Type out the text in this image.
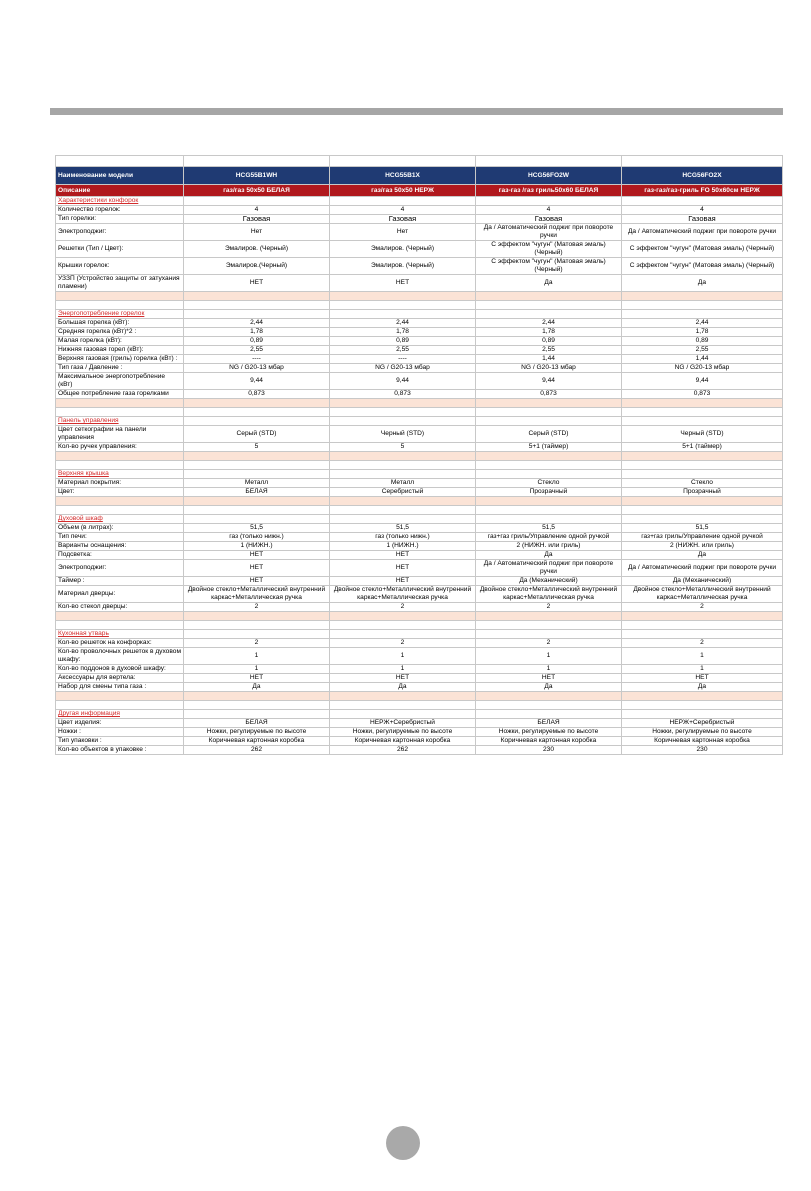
Наименование модели	HCG55B1WH	HCG55B1X	HCG56FO2W	HCG56FO2X
Описание	газ/газ 50х50 БЕЛАЯ	газ/газ 50х50 НЕРЖ	газ-газ /газ гриль50х60 БЕЛАЯ	газ-газ/газ-гриль FO 50х60см НЕРЖ
Характеристики конфорок				
Количество горелок:	4	4	4	4
Тип горелки:	Газовая	Газовая	Газовая	Газовая
Электроподжиг:	Нет	Нет	Да / Автоматический поджиг при повороте ручки	Да / Автоматический поджиг при повороте ручки
Решетки (Тип / Цвет):	Эмалиров. (Черный)	Эмалиров. (Черный)	С эффектом "чугун" (Матовая эмаль) (Черный)	С эффектом "чугун" (Матовая эмаль) (Черный)
Крышки горелок:	Эмалиров.(Черный)	Эмалиров. (Черный)	С эффектом "чугун" (Матовая эмаль) (Черный)	С эффектом "чугун" (Матовая эмаль) (Черный)
УЗЗП (Устройство защиты от затухания пламени)	НЕТ	НЕТ	Да	Да

Энергопотребление горелок				
Большая горелка (кВт):	2,44	2,44	2,44	2,44
Средняя горелка (кВт)*2 :	1,78	1,78	1,78	1,78
Малая горелка (кВт):	0,89	0,89	0,89	0,89
Нижняя газовая горел (кВт):	2,55	2,55	2,55	2,55
Верхняя газовая (гриль) горелка (кВт) :	----	----	1,44	1,44
Тип газа / Давление :	NG / G20-13 мбар	NG / G20-13 мбар	NG / G20-13 мбар	NG / G20-13 мбар
Максимальное энергопотребление (кВт)	9,44	9,44	9,44	9,44
Общее потребление газа горелками	0,873	0,873	0,873	0,873

Панель управления				
Цвет сеткографии на панели управления	Серый (STD)	Черный (STD)	Серый (STD)	Черный (STD)
Кол-во ручек управления:	5	5	5+1 (таймер)	5+1 (таймер)

Верхняя крышка				
Материал покрытия:	Металл	Металл	Стекло	Стекло
Цвет:	БЕЛАЯ	Серебристый	Прозрачный	Прозрачный

Духовой шкаф				
Объем (в литрах):	51,5	51,5	51,5	51,5
Тип печи:	газ (только нижн.)	газ (только нижн.)	газ+газ гриль/Управление одной ручкой	газ+газ гриль/Управление одной ручкой
Варианты оснащения:	1 (НИЖН.)	1 (НИЖН.)	2 (НИЖН. или гриль)	2 (НИЖН. или гриль)
Подсветка:	НЕТ	НЕТ	Да	Да
Электроподжиг:	НЕТ	НЕТ	Да / Автоматический поджиг при повороте ручки	Да / Автоматический поджиг при повороте ручки
Таймер :	НЕТ	НЕТ	Да (Механический)	Да (Механический)
Материал дверцы:	Двойное стекло+Металлический внутренний каркас+Металлическая ручка	Двойное стекло+Металлический внутренний каркас+Металлическая ручка	Двойное стекло+Металлический внутренний каркас+Металлическая ручка	Двойное стекло+Металлический внутренний каркас+Металлическая ручка
Кол-во стекол дверцы:	2	2	2	2

Кухонная утварь				
Кол-во решеток на конфорках:	2	2	2	2
Кол-во проволочных решеток в духовом шкафу:	1	1	1	1
Кол-во поддонов в духовой шкафу:	1	1	1	1
Аксессуары для вертела:	НЕТ	НЕТ	НЕТ	НЕТ
Набор для смены типа газа :	Да	Да	Да	Да

Другая информация				
Цвет изделия:	БЕЛАЯ	НЕРЖ+Серебристый	БЕЛАЯ	НЕРЖ+Серебристый
Ножки :	Ножки, регулируемые по высоте	Ножки, регулируемые по высоте	Ножки, регулируемые по высоте	Ножки, регулируемые по высоте
Тип упаковки :	Коричневая картонная коробка	Коричневая картонная коробка	Коричневая картонная коробка	Коричневая картонная коробка
Кол-во объектов в упаковке :	262	262	230	230
